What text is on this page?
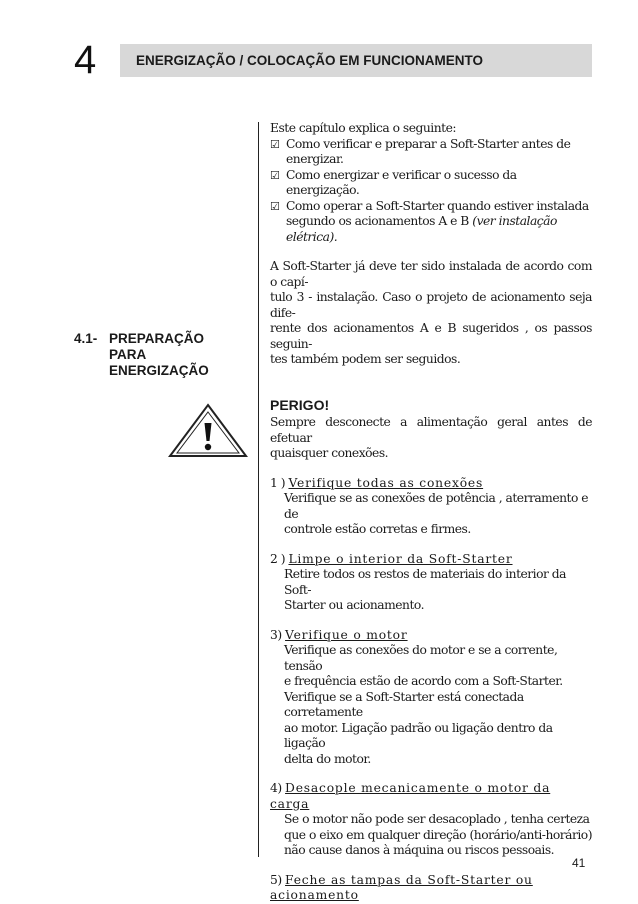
4	ENERGIZAÇÃO / COLOCAÇÃO EM FUNCIONAMENTO

Este capítulo explica o seguinte:

☑ Como verificar e preparar a Soft-Starter antes de
energizar.

☑ Como energizar e verificar o sucesso da energização.

☑ Como operar a Soft-Starter quando estiver instalada
segundo os acionamentos A e B (ver instalação elétrica).

A Soft-Starter já deve ter sido instalada de acordo com o capí-

tulo 3 - instalação. Caso o projeto de acionamento seja dife-

rente dos acionamentos A e B sugeridos , os passos seguin-

tes também podem ser seguidos.

4.1- PREPARAÇÃO
PARA
ENERGIZAÇÃO

PERIGO!

Sempre desconecte a alimentação geral antes de efetuar

quaisquer conexões.

1 ) Verifique todas as conexões
Verifique se as conexões de potência , aterramento e de
controle estão corretas e firmes.
2 ) Limpe o interior da Soft-Starter
Retire todos os restos de materiais do interior da Soft-
Starter ou acionamento.
3) Verifique o motor
Verifique as conexões do motor e se a corrente, tensão
e frequência estão de acordo com a Soft-Starter.
Verifique se a Soft-Starter está conectada corretamente
ao motor. Ligação padrão ou ligação dentro da ligação
delta do motor.
4) Desacople mecanicamente o motor da carga
Se o motor não pode ser desacoplado , tenha certeza
que o eixo em qualquer direção (horário/anti-horário)
não cause danos à máquina ou riscos pessoais.
5) Feche as tampas da Soft-Starter ou acionamento
41
